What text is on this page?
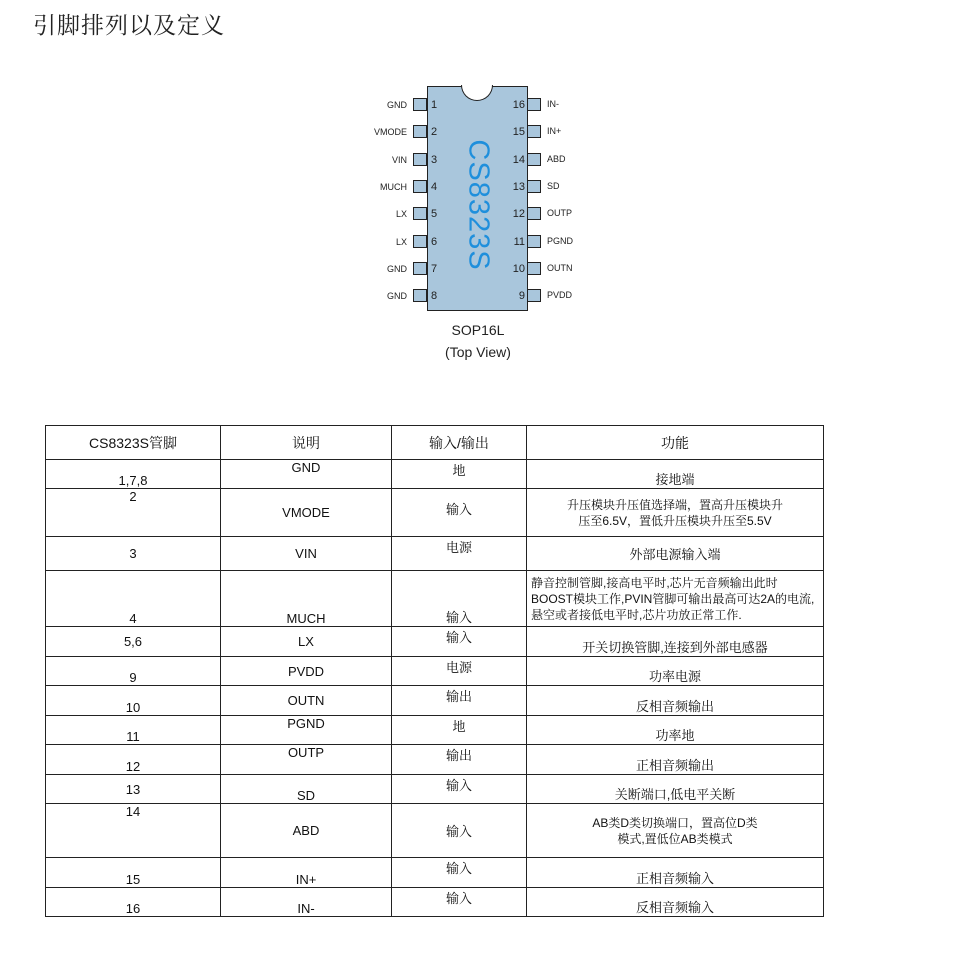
引脚排列以及定义
CS8323S
GND 1
VMODE 2
VIN 3
MUCH 4
LX 5
LX 6
GND 7
GND 8
IN-
16
IN+
15
ABD
14
SD
13
OUTP
12
PGND
11
OUTN
10
PVDD
9
SOP16L
(Top View)
CS8323S管脚	说明	输入/输出	功能
1,7,8	GND	地	接地端
2	VMODE	输入	升压模块升压值选择端，置高升压模块升压至6.5V，置低升压模块升压至5.5V
3	VIN	电源	外部电源输入端
4	MUCH	输入	静音控制管脚,接高电平时,芯片无音频输出此时BOOST模块工作,PVIN管脚可输出最高可达2A的电流,悬空或者接低电平时,芯片功放正常工作.
5,6	LX	输入	开关切换管脚,连接到外部电感器
9	PVDD	电源	功率电源
10	OUTN	输出	反相音频输出
11	PGND	地	功率地
12	OUTP	输出	正相音频输出
13	SD	输入	关断端口,低电平关断
14	ABD	输入	AB类D类切换端口，置高位D类模式,置低位AB类模式
15	IN+	输入	正相音频输入
16	IN-	输入	反相音频输入
